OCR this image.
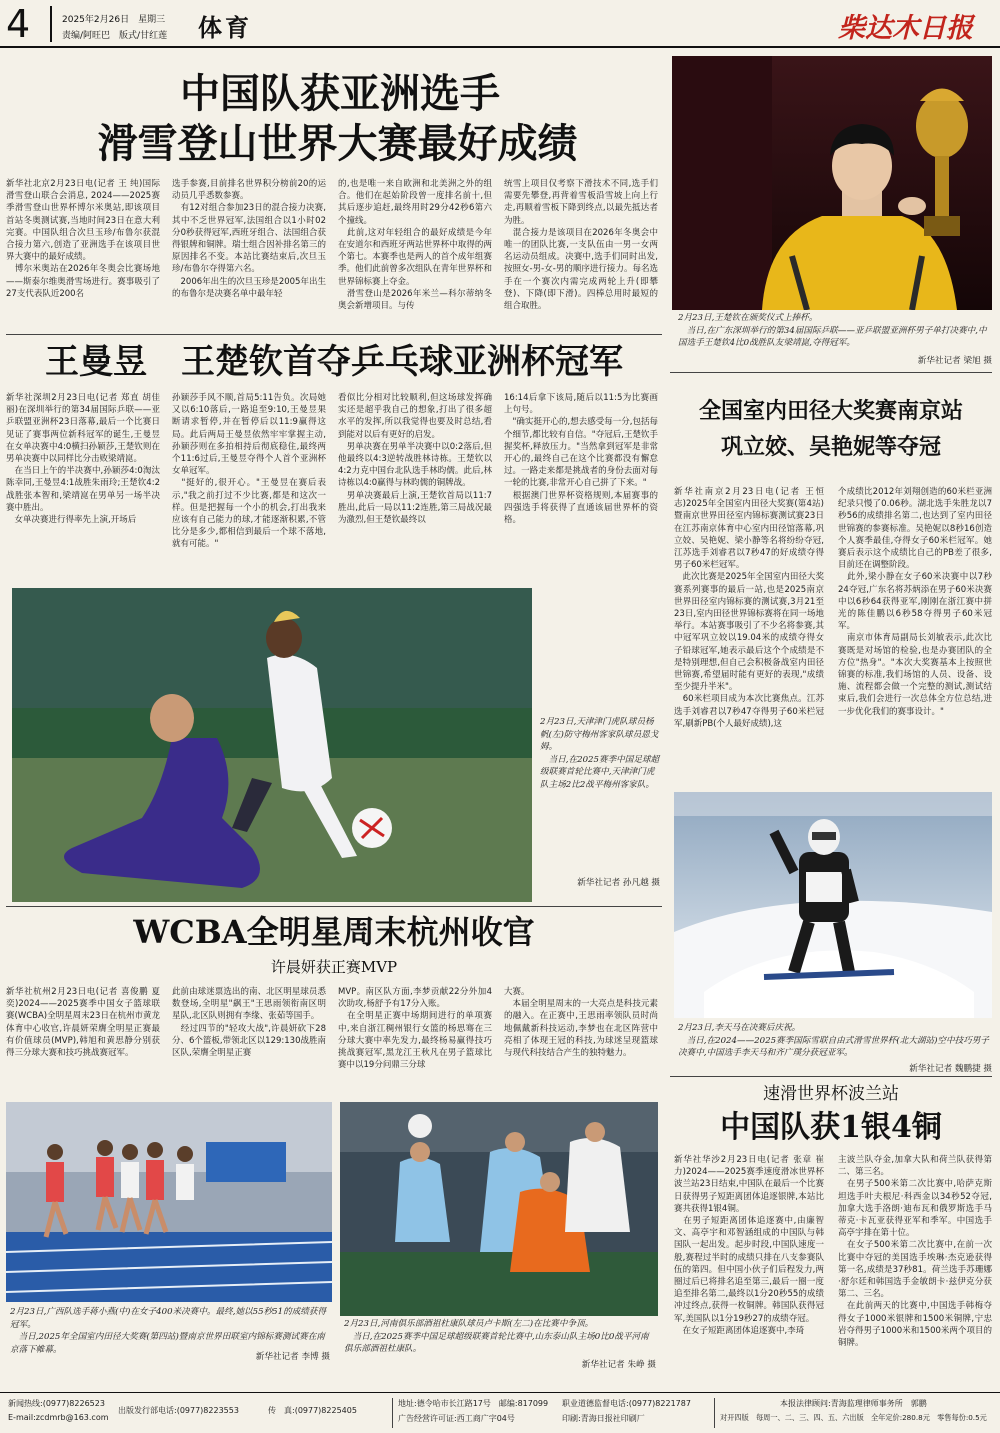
4	2025年2月26日　星期三
责编/阿旺巴　版式/甘红莲 体育	柴达木日报
中国队获亚洲选手
滑雪登山世界大赛最好成绩
新华社北京2月23日电(记者 王 纯)国际滑雪登山联合会消息, 2024——2025赛季滑雪登山世界杯博尔米奥站,即该项目首站冬奥测试赛,当地时间23日在意大利完赛。中国队组合次旦玉珍/布鲁尔获混合接力第六,创造了亚洲选手在该项目世界大赛中的最好成绩。
　博尔米奥站在2026年冬奥会比赛场地——斯泰尔维奥滑雪场进行。赛事吸引了27支代表队近200名
选手参赛,目前排名世界积分榜前20的运动员几乎悉数参赛。
　有12对组合参加23日的混合接力决赛,其中不乏世界冠军,法国组合以1小时02分0秒获得冠军,西班牙组合、法国组合获得银牌和铜牌。瑞士组合因补排名第三的原因排名不变。本站比赛结束后,次旦玉珍/布鲁尔夺得第六名。
　2006年出生的次旦玉珍是2005年出生的布鲁尔是决赛名单中最年轻
的,也是唯一来自欧洲和北美洲之外的组合。他们在起始阶段曾一度排名前十,但其后逐步追赶,最终用时29分42秒6第六个撞线。
　此前,这对年轻组合的最好成绩是今年在安道尔和西班牙两站世界杯中取得的两个第七。本赛季也是两人的首个成年组赛季。他们此前曾多次组队在青年世界杯和世界锦标赛上夺金。
　滑雪登山是2026年米兰—科尔蒂纳冬奥会新增项目。与传
统雪上项目仅考察下滑技术不同,选手们需要先攀登,再背着雪板沿雪坡上向上行走,再顺着雪板下降到终点,以最先抵达者为胜。
　混合接力是该项目在2026年冬奥会中唯一的团队比赛,一支队伍由一男一女两名运动员组成。决赛中,选手们同时出发,按照女-男-女-男的顺序进行接力。每名选手在一个赛次内需完成两轮上升(即攀登)、下降(即下滑)。四棒总用时最短的组合取胜。
2月23日,王楚钦在颁奖仪式上捧杯。
　当日,在广东深圳举行的第34届国际乒联——亚乒联盟亚洲杯男子单打决赛中,中国选手王楚钦4比0战胜队友梁靖崑,夺得冠军。
新华社记者 梁旭 摄
王曼昱　王楚钦首夺乒乓球亚洲杯冠军
新华社深圳2月23日电(记者 郑直 胡佳丽)在深圳举行的第34届国际乒联——亚乒联盟亚洲杯23日落幕,最后一个比赛日见证了赛事两位新科冠军的诞生,王曼昱在女单决赛中4:0横扫孙颖莎,王楚钦则在男单决赛中以同样比分击败梁靖崑。
　在当日上午的半决赛中,孙颖莎4:0淘汰陈幸同,王曼昱4:1战胜朱雨玲;王楚钦4:2战胜张本智和,梁靖崑在男单另一场半决赛中胜出。
　女单决赛进行得率先上演,开场后
孙颖莎手风不顺,首局5:11告负。次局她又以6:10落后,一路追至9:10,王曼昱果断请求暂停,并在暂停后以11:9赢得这局。此后两局王曼昱依然牢牢掌握主动,孙颖莎则在多拍相持后彻底稳住,最终两个11:6过后,王曼昱夺得个人首个亚洲杯女单冠军。
　"挺好的,很开心。"王曼昱在赛后表示,"我之前打过不少比赛,都是和这次一样。但是把握每一个小的机会,打出我来应该有自己能力的球,才能逐渐积累,不管比分是多少,都相信到最后一个球不落地,就有可能。"
看似比分相对比较顺利,但这场球发挥确实还是超乎我自己的想象,打出了很多超水平的发挥,所以我觉得也要及时总结,看到能对以后有更好的启发。
　男单决赛在男单半决赛中以0:2落后,但他最终以4:3逆转战胜林诗栋。王楚钦以4:2力克中国台北队选手林昀儒。此后,林诗栋以4:0赢得与林昀儒的铜牌战。
　男单决赛最后上演,王楚钦首局以11:7胜出,此后一局以11:2连胜,第三局战况最为激烈,但王楚钦最终以
16:14后拿下该局,随后以11:5为比赛画上句号。
　"确实挺开心的,想去感受每一分,包括每个细节,都比较有自信。"夺冠后,王楚钦手握奖杯,释放压力。"当然拿到冠军是非常开心的,最终自己在这个比赛都没有懈怠过。一路走来都是挑战者的身份去面对每一轮的比赛,非常开心自己拼了下来。"
　根据澳门世界杯资格规则,本届赛事的四强选手将获得了直通该届世界杯的资格。
全国室内田径大奖赛南京站
巩立姣、吴艳妮等夺冠
新华社南京2月23日电(记者 王恒志)2025年全国室内田径大奖赛(第4站)暨南京世界田径室内锦标赛测试赛23日在江苏南京体育中心室内田径馆落幕,巩立姣、吴艳妮、梁小静等名将纷纷夺冠,江苏选手刘睿君以7秒47的好成绩夺得男子60米栏冠军。
　此次比赛是2025年全国室内田径大奖赛系列赛事的最后一站,也是2025南京世界田径室内锦标赛的测试赛,3月21至23日,室内田径世界锦标赛将在同一场地举行。本站赛事吸引了不少名将参赛,其中冠军巩立姣以19.04米的成绩夺得女子铅球冠军,她表示最后这个个成绩是不是特别理想,但自己会积极备战室内田径世锦赛,希望届时能有更好的表现,"成绩至少提升半米"。
　60米栏项目成为本次比赛焦点。江苏选手刘睿君以7秒47夺得男子60米栏冠军,刷新PB(个人最好成绩),这
个成绩比2012年刘翔创造的60米栏亚洲纪录只慢了0.06秒。湖北选手朱胜龙以7秒56的成绩排名第二,也达到了室内田径世锦赛的参赛标准。吴艳妮以8秒16创造个人赛季最佳,夺得女子60米栏冠军。她赛后表示这个成绩比自己的PB差了很多,目前还在调整阶段。
　此外,梁小静在女子60米决赛中以7秒24夺冠,广东名将苏炳添在男子60米决赛中以6秒64获得亚军,刚刚在浙江赛中拼光的陈佳鹏以6秒58夺得男子60米冠军。
　南京市体育局副局长刘敏表示,此次比赛既是对场馆的检验,也是办赛团队的全方位"热身"。"本次大奖赛基本上按照世锦赛的标准,我们场馆的人员、设备、设施、流程都会做一个完整的测试,测试结束后,我们会进行一次总体全方位总结,进一步优化我们的赛事设计。"
2月23日,天津津门虎队球员杨帆(左)防守梅州客家队球员恩戈姆。
　当日,在2025赛季中国足球超级联赛首轮比赛中,天津津门虎队主场2比2战平梅州客家队。
新华社记者 孙凡越 摄
2月23日,李天马在决赛后庆祝。
　当日,在2024——2025赛季国际雪联自由式滑雪世界杯(北大湖站)空中技巧男子决赛中,中国选手李天马和齐广璞分获冠亚军。
新华社记者 魏鹏捷 摄
WCBA全明星周末杭州收官
许晨妍获正赛MVP
新华社杭州2月23日电(记者 喜俊鹏 夏奕)2024——2025赛季中国女子篮球联赛(WCBA)全明星周末23日在杭州市黄龙体育中心收官,许晨妍荣膺全明星正赛最有价值球员(MVP),韩旭和黄思静分别获得三分球大赛和技巧挑战赛冠军。
此前由球迷票选出的南、北区明星球员悉数登场,全明星"飙王"王思雨领衔南区明星队,北区队则拥有李缘、张茹等国手。
　经过四节的"轻攻大战",许晨妍砍下28分、6个篮板,带领北区以129:130战胜南区队,荣膺全明星正赛
MVP。南区队方面,李梦贡献22分外加4次助攻,杨舒予有17分入账。
　在全明星正赛中场期间进行的单项赛中,来自浙江稠州银行女篮的杨思骞在三分球大赛中率先发力,最终杨易赢得技巧挑战赛冠军,黑龙江王秋凡在男子篮球比赛中以19分问鼎三分球
大赛。
　本届全明星周末的一大亮点是科技元素的融入。在正赛中,王思雨率领队员时尚地佩戴新科技运动,李梦也在北区阵营中亮相了体现王冠的科技,为球迷呈现篮球与现代科技结合产生的独特魅力。
2月23日,广西队选手蒋小燕(中)在女子400米决赛中。最终,她以55秒51的成绩获得冠军。
　当日,2025年全国室内田径大奖赛(第四站)暨南京世界田联室内锦标赛测试赛在南京落下帷幕。
新华社记者 李博 摄
2月23日,河南俱乐部酒祖杜康队球员卢卡斯(左二)在比赛中争顶。
　当日,在2025赛季中国足球超级联赛首轮比赛中,山东泰山队主场0比0战平河南俱乐部酒祖杜康队。
新华社记者 朱峥 摄
速滑世界杯波兰站
中国队获1银4铜
新华社华沙2月23日电(记者 张章 崔力)2024——2025赛季速度滑冰世界杯波兰站23日结束,中国队在最后一个比赛日获得男子短距离团体追逐银牌,本站比赛共获得1银4铜。
　在男子短距离团体追逐赛中,由廉智文、高亭宇和邓智涵组成的中国队与韩国队一起出发。起步时段,中国队速度一般,赛程过半时的成绩只排在八支参赛队伍的第四。但中国小伙子们后程发力,两圈过后已将排名追至第三,最后一圈一度追至排名第二,最终以1分20秒55的成绩冲过终点,获得一枚铜牌。韩国队获得冠军,美国队以1分19秒27的成绩夺冠。
　在女子短距离团体追逐赛中,李琦
主波兰队夺金,加拿大队和荷兰队获得第二、第三名。
　在男子500米第二次比赛中,哈萨克斯坦选手叶夫根尼·科西金以34秒52夺冠,加拿大选手洛朗·迪布瓦和俄罗斯选手马蒂克·卡瓦亚获得亚军和季军。中国选手高亭宇排在第十位。
　在女子500米第二次比赛中,在前一次比赛中夺冠的美国选手埃琳·杰克逊获得第一名,成绩是37秒81。荷兰选手苏珊娜·舒尔廷和韩国选手金敏朗卡·兹伊克分获第二、三名。
　在此前两天的比赛中,中国选手韩梅夺得女子1000米银牌和1500米铜牌,宁忠岩夺得男子1000米和1500米两个项目的铜牌。
新闻热线:(0977)8226523
E-mail:zcdmrb@163.com
出版发行部电话:(0977)8223553	传　真:(0977)8225405
地址:德令哈市长江路17号　邮编:817099
广告经营许可证:西工商广字04号
职业道德监督电话:(0977)8221787
印刷:青海日报社印刷厂
本报法律顾问:青海监理律师事务所　郭鹏
对开四版　每周一、二、三、四、五、六出版　全年定价:280.8元　零售每份:0.5元
